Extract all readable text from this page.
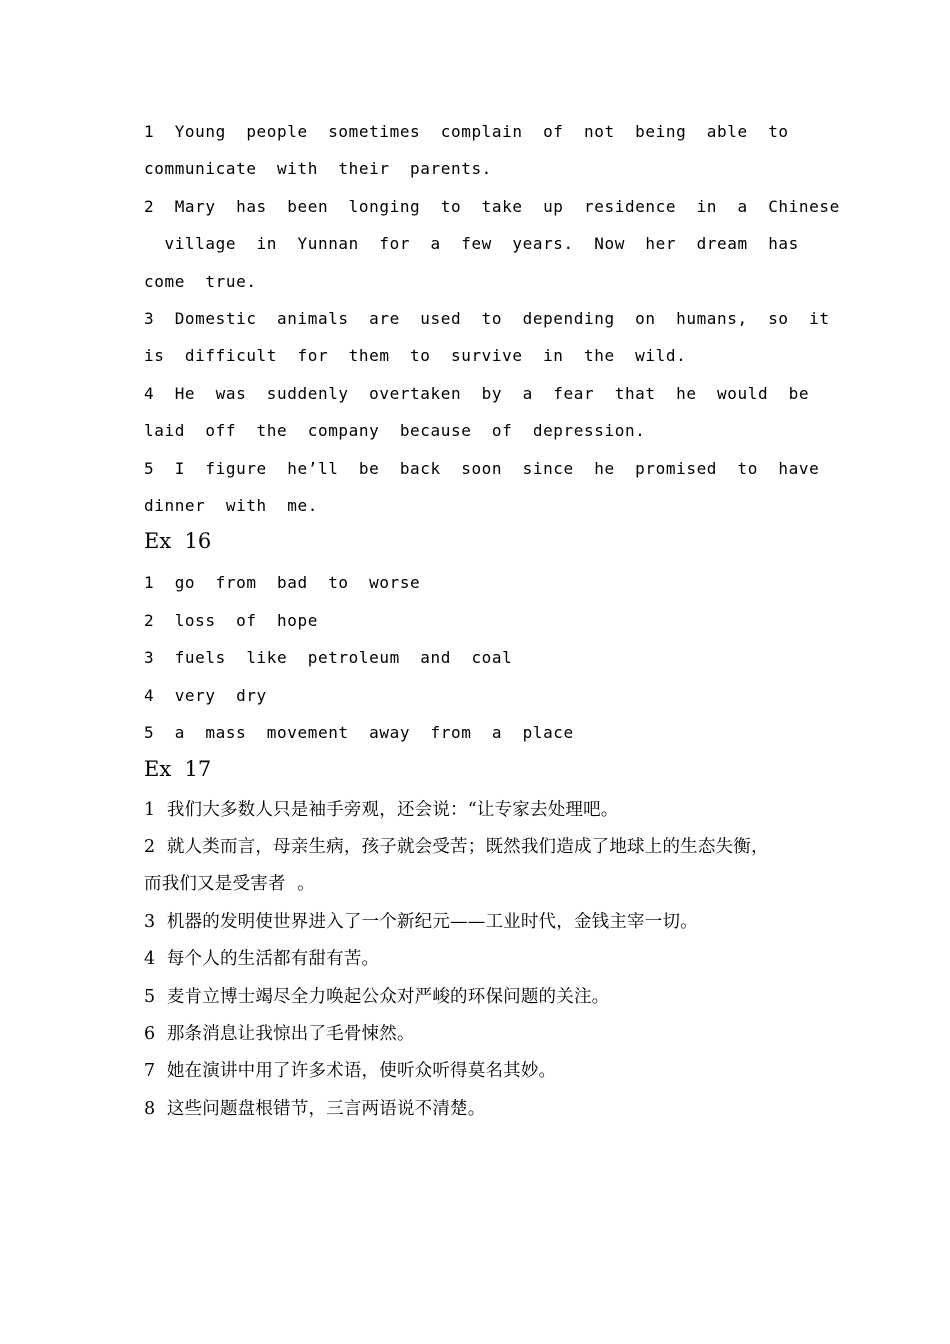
1  Young  people  sometimes  complain  of  not  being  able  to
communicate  with  their  parents.
2  Mary  has  been  longing  to  take  up  residence  in  a  Chinese
village  in  Yunnan  for  a  few  years.  Now  her  dream  has
come  true.
3  Domestic  animals  are  used  to  depending  on  humans,  so  it
is  difficult  for  them  to  survive  in  the  wild.
4  He  was  suddenly  overtaken  by  a  fear  that  he  would  be
laid  off  the  company  because  of  depression.
5  I  figure  he’ll  be  back  soon  since  he  promised  to  have
dinner  with  me.
Ex  16
1  go  from  bad  to  worse
2  loss  of  hope
3  fuels  like  petroleum  and  coal
4  very  dry
5  a  mass  movement  away  from  a  place
Ex  17
1  我们大多数人只是袖手旁观，还会说：“让专家去处理吧。
2  就人类而言，母亲生病，孩子就会受苦；既然我们造成了地球上的生态失衡，
而我们又是受害者  。
3  机器的发明使世界进入了一个新纪元——工业时代，金钱主宰一切。
4  每个人的生活都有甜有苦。
5  麦肯立博士竭尽全力唤起公众对严峻的环保问题的关注。
6  那条消息让我惊出了毛骨悚然。
7  她在演讲中用了许多术语，使听众听得莫名其妙。
8  这些问题盘根错节，三言两语说不清楚。
